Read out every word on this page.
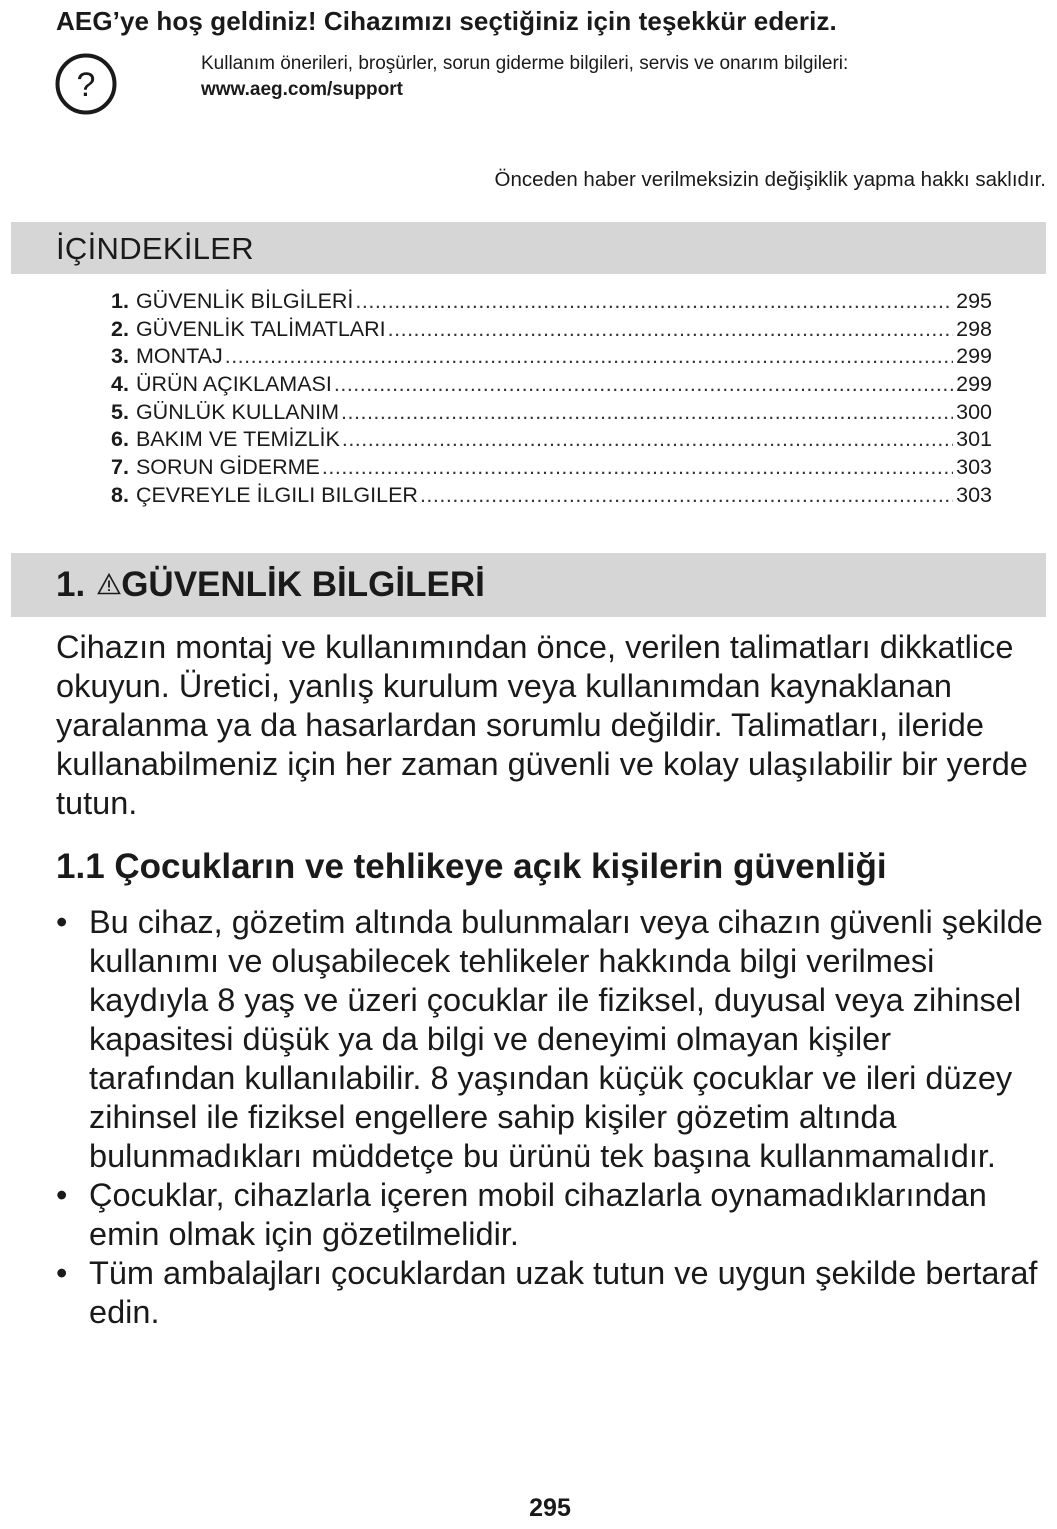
AEG’ye hoş geldiniz! Cihazımızı seçtiğiniz için teşekkür ederiz.
?
Kullanım önerileri, broşürler, sorun giderme bilgileri, servis ve onarım bilgileri:
www.aeg.com/support
Önceden haber verilmeksizin değişiklik yapma hakkı saklıdır.
İÇİNDEKİLER
1. GÜVENLİK BİLGİLERİ .....	295
2. GÜVENLİK TALİMATLARI .....	298
3. MONTAJ .....	299
4. ÜRÜN AÇIKLAMASI .....	299
5. GÜNLÜK KULLANIM .....	300
6. BAKIM VE TEMİZLİK .....	301
7. SORUN GİDERME .....	303
8. ÇEVREYLE İLGILI BILGILER .....	303
1. GÜVENLİK BİLGİLERİ

Cihazın montaj ve kullanımından önce, verilen talimatları dikkatlice okuyun. Üretici, yanlış kurulum veya kullanımdan kaynaklanan yaralanma ya da hasarlardan sorumlu değildir. Talimatları, ileride kullanabilmeniz için her zaman güvenli ve kolay ulaşılabilir bir yerde tutun.

1.1 Çocukların ve tehlikeye açık kişilerin güvenliği
• Bu cihaz, gözetim altında bulunmaları veya cihazın güvenli şekilde kullanımı ve oluşabilecek tehlikeler hakkında bilgi verilmesi kaydıyla 8 yaş ve üzeri çocuklar ile fiziksel, duyusal veya zihinsel kapasitesi düşük ya da bilgi ve deneyimi olmayan kişiler tarafından kullanılabilir. 8 yaşından küçük çocuklar ve ileri düzey zihinsel ile fiziksel engellere sahip kişiler gözetim altında bulunmadıkları müddetçe bu ürünü tek başına kullanmamalıdır.
• Çocuklar, cihazlarla içeren mobil cihazlarla oynamadıklarından emin olmak için gözetilmelidir.
• Tüm ambalajları çocuklardan uzak tutun ve uygun şekilde bertaraf edin.
295
